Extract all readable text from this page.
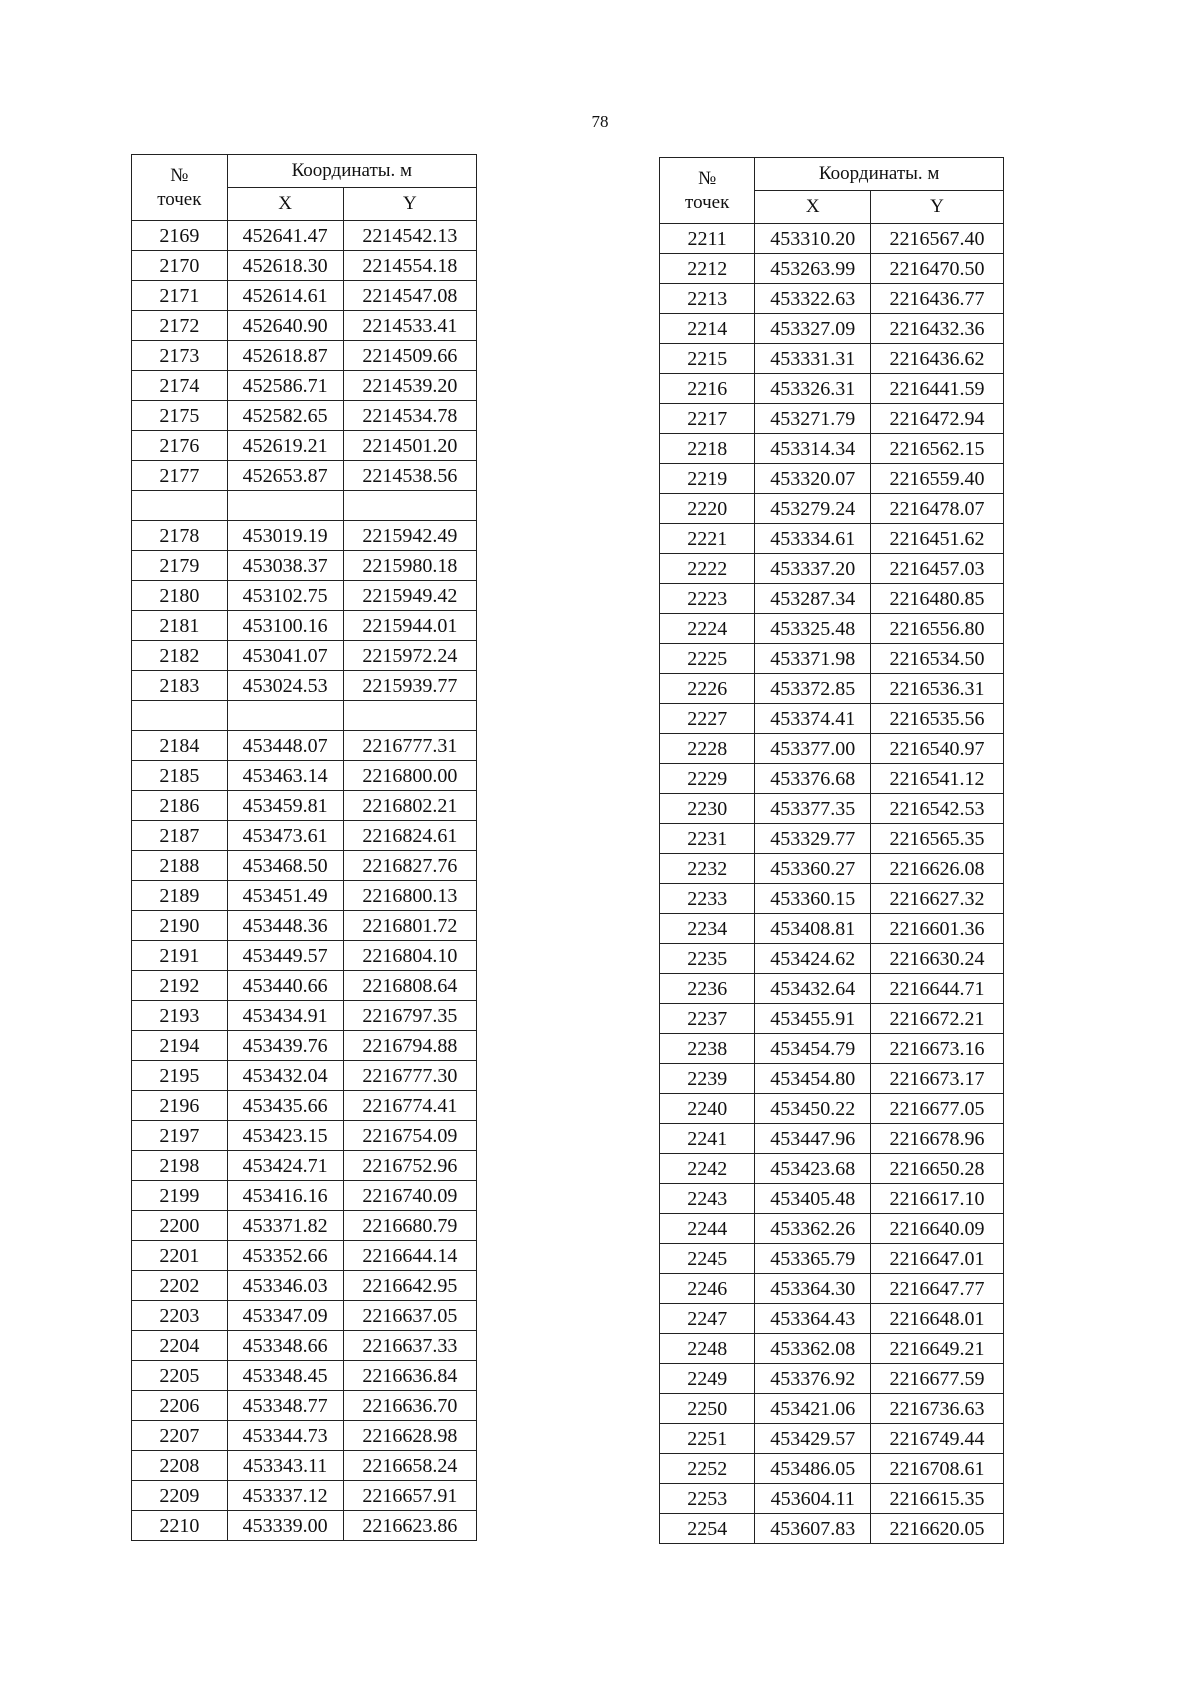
78
№
точек	Координаты. м	
	X	Y
2169	452641.47	2214542.13
2170	452618.30	2214554.18
2171	452614.61	2214547.08
2172	452640.90	2214533.41
2173	452618.87	2214509.66
2174	452586.71	2214539.20
2175	452582.65	2214534.78
2176	452619.21	2214501.20
2177	452653.87	2214538.56

2178	453019.19	2215942.49
2179	453038.37	2215980.18
2180	453102.75	2215949.42
2181	453100.16	2215944.01
2182	453041.07	2215972.24
2183	453024.53	2215939.77

2184	453448.07	2216777.31
2185	453463.14	2216800.00
2186	453459.81	2216802.21
2187	453473.61	2216824.61
2188	453468.50	2216827.76
2189	453451.49	2216800.13
2190	453448.36	2216801.72
2191	453449.57	2216804.10
2192	453440.66	2216808.64
2193	453434.91	2216797.35
2194	453439.76	2216794.88
2195	453432.04	2216777.30
2196	453435.66	2216774.41
2197	453423.15	2216754.09
2198	453424.71	2216752.96
2199	453416.16	2216740.09
2200	453371.82	2216680.79
2201	453352.66	2216644.14
2202	453346.03	2216642.95
2203	453347.09	2216637.05
2204	453348.66	2216637.33
2205	453348.45	2216636.84
2206	453348.77	2216636.70
2207	453344.73	2216628.98
2208	453343.11	2216658.24
2209	453337.12	2216657.91
2210	453339.00	2216623.86
№
точек	Координаты. м	
	X	Y
2211	453310.20	2216567.40
2212	453263.99	2216470.50
2213	453322.63	2216436.77
2214	453327.09	2216432.36
2215	453331.31	2216436.62
2216	453326.31	2216441.59
2217	453271.79	2216472.94
2218	453314.34	2216562.15
2219	453320.07	2216559.40
2220	453279.24	2216478.07
2221	453334.61	2216451.62
2222	453337.20	2216457.03
2223	453287.34	2216480.85
2224	453325.48	2216556.80
2225	453371.98	2216534.50
2226	453372.85	2216536.31
2227	453374.41	2216535.56
2228	453377.00	2216540.97
2229	453376.68	2216541.12
2230	453377.35	2216542.53
2231	453329.77	2216565.35
2232	453360.27	2216626.08
2233	453360.15	2216627.32
2234	453408.81	2216601.36
2235	453424.62	2216630.24
2236	453432.64	2216644.71
2237	453455.91	2216672.21
2238	453454.79	2216673.16
2239	453454.80	2216673.17
2240	453450.22	2216677.05
2241	453447.96	2216678.96
2242	453423.68	2216650.28
2243	453405.48	2216617.10
2244	453362.26	2216640.09
2245	453365.79	2216647.01
2246	453364.30	2216647.77
2247	453364.43	2216648.01
2248	453362.08	2216649.21
2249	453376.92	2216677.59
2250	453421.06	2216736.63
2251	453429.57	2216749.44
2252	453486.05	2216708.61
2253	453604.11	2216615.35
2254	453607.83	2216620.05
